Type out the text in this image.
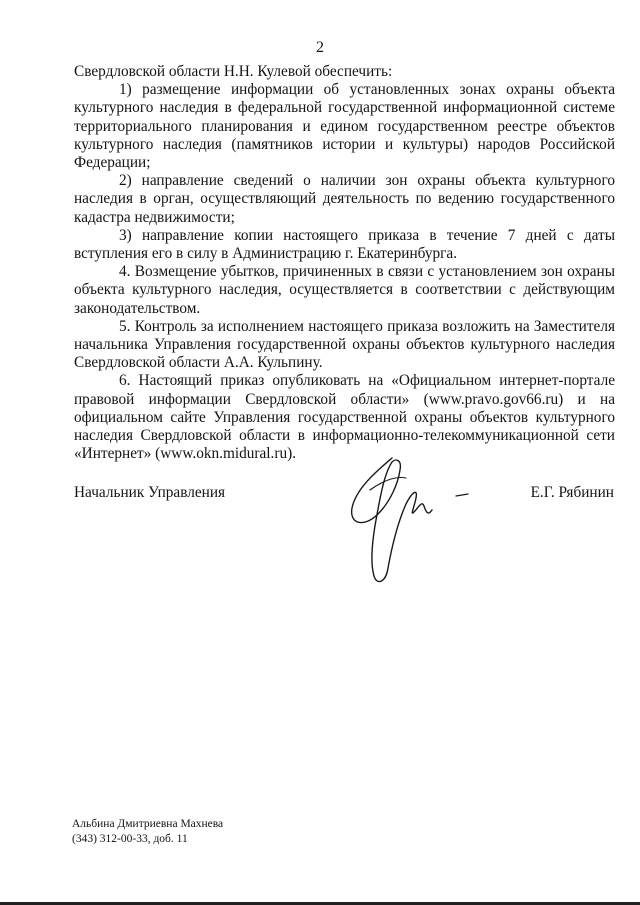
2

Свердловской области Н.Н. Кулевой обеспечить:

1) размещение информации об установленных зонах охраны объекта культурного наследия в федеральной государственной информационной системе территориального планирования и едином государственном реестре объектов культурного наследия (памятников истории и культуры) народов Российской Федерации;

2) направление сведений о наличии зон охраны объекта культурного наследия в орган, осуществляющий деятельность по ведению государственного кадастра недвижимости;

3) направление копии настоящего приказа в течение 7 дней с даты вступления его в силу в Администрацию г. Екатеринбурга.

4. Возмещение убытков, причиненных в связи с установлением зон охраны объекта культурного наследия, осуществляется в соответствии с действующим законодательством.

5. Контроль за исполнением настоящего приказа возложить на Заместителя начальника Управления государственной охраны объектов культурного наследия Свердловской области А.А. Кульпину.

6. Настоящий приказ опубликовать на «Официальном интернет-портале правовой информации Свердловской области» (www.pravo.gov66.ru) и на официальном сайте Управления государственной охраны объектов культурного наследия Свердловской области в информационно-телекоммуникационной сети «Интернет» (www.okn.midural.ru).

Начальник Управления	Е.Г. Рябинин
Альбина Дмитриевна Махнева
(343) 312-00-33, доб. 11
